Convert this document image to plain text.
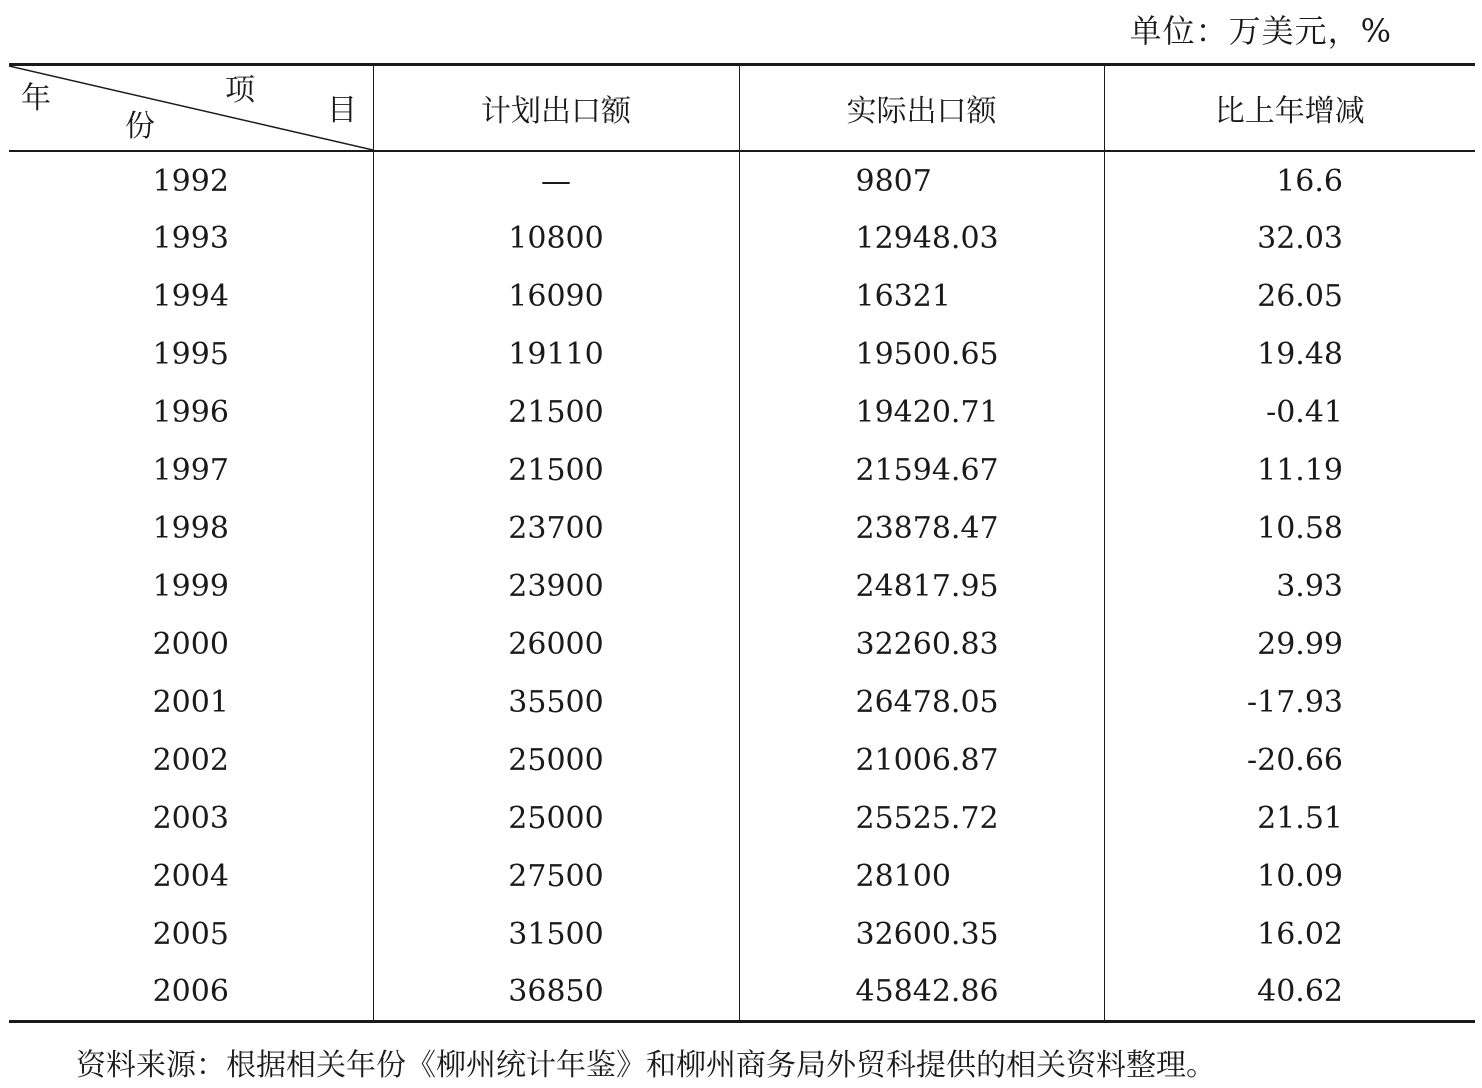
单位：万美元，%
年 项
目
份	计划出口额	实际出口额	比上年增减
1992	—	9807	16.6
1993	10800	12948.03	32.03
1994	16090	16321	26.05
1995	19110	19500.65	19.48
1996	21500	19420.71	-0.41
1997	21500	21594.67	11.19
1998	23700	23878.47	10.58
1999	23900	24817.95	3.93
2000	26000	32260.83	29.99
2001	35500	26478.05	-17.93
2002	25000	21006.87	-20.66
2003	25000	25525.72	21.51
2004	27500	28100	10.09
2005	31500	32600.35	16.02
2006	36850	45842.86	40.62
资料来源：根据相关年份《柳州统计年鉴》和柳州商务局外贸科提供的相关资料整理。
